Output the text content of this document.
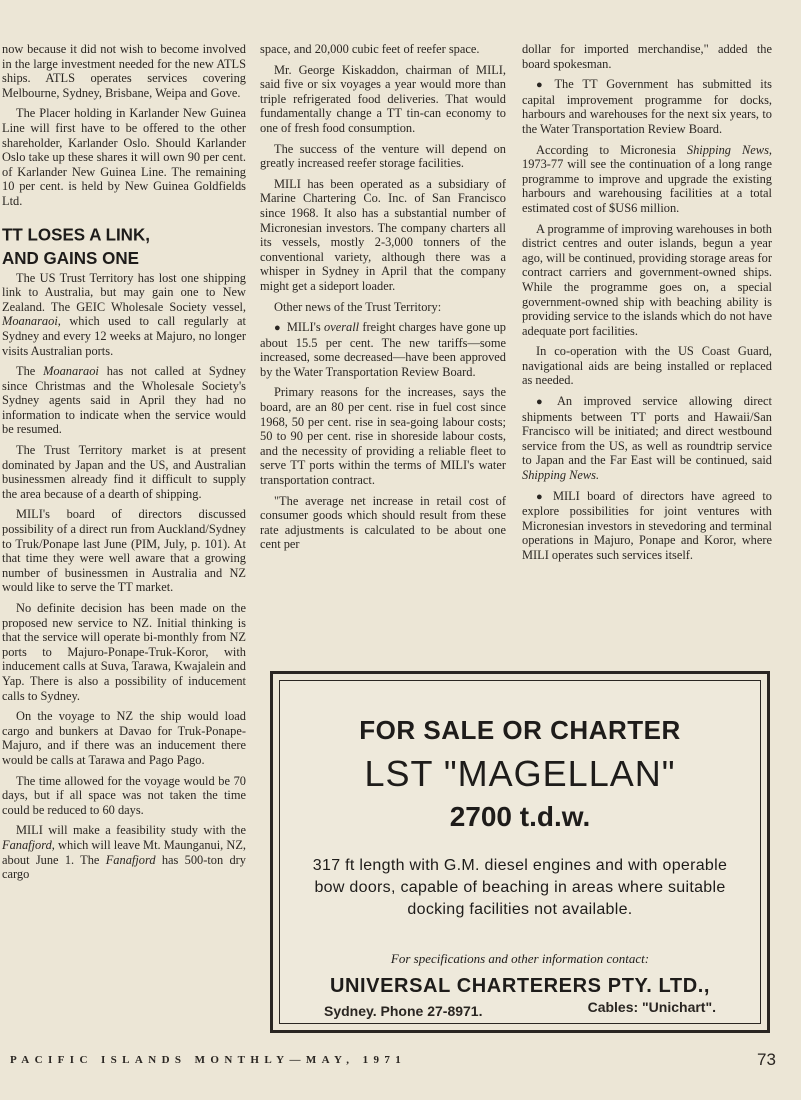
now because it did not wish to become involved in the large investment needed for the new ATLS ships. ATLS operates services covering Melbourne, Sydney, Brisbane, Weipa and Gove.

The Placer holding in Karlander New Guinea Line will first have to be offered to the other shareholder, Karlander Oslo. Should Karlander Oslo take up these shares it will own 90 per cent. of Karlander New Guinea Line. The remaining 10 per cent. is held by New Guinea Goldfields Ltd.

TT LOSES A LINK,
AND GAINS ONE

The US Trust Territory has lost one shipping link to Australia, but may gain one to New Zealand. The GEIC Wholesale Society vessel, Moanaraoi, which used to call regularly at Sydney and every 12 weeks at Majuro, no longer visits Australian ports.

The Moanaraoi has not called at Sydney since Christmas and the Wholesale Society's Sydney agents said in April they had no information to indicate when the service would be resumed.

The Trust Territory market is at present dominated by Japan and the US, and Australian businessmen already find it difficult to supply the area because of a dearth of shipping.

MILI's board of directors discussed possibility of a direct run from Auckland/Sydney to Truk/Ponape last June (PIM, July, p. 101). At that time they were well aware that a growing number of businessmen in Australia and NZ would like to serve the TT market.

No definite decision has been made on the proposed new service to NZ. Initial thinking is that the service will operate bi-monthly from NZ ports to Majuro-Ponape-Truk-Koror, with inducement calls at Suva, Tarawa, Kwajalein and Yap. There is also a possibility of inducement calls to Sydney.

On the voyage to NZ the ship would load cargo and bunkers at Davao for Truk-Ponape-Majuro, and if there was an inducement there would be calls at Tarawa and Pago Pago.

The time allowed for the voyage would be 70 days, but if all space was not taken the time could be reduced to 60 days.

MILI will make a feasibility study with the Fanafjord, which will leave Mt. Maunganui, NZ, about June 1. The Fanafjord has 500-ton dry cargo

space, and 20,000 cubic feet of reefer space.

Mr. George Kiskaddon, chairman of MILI, said five or six voyages a year would more than triple refrigerated food deliveries. That would fundamentally change a TT tin-can economy to one of fresh food consumption.

The success of the venture will depend on greatly increased reefer storage facilities.

MILI has been operated as a subsidiary of Marine Chartering Co. Inc. of San Francisco since 1968. It also has a substantial number of Micronesian investors. The company charters all its vessels, mostly 2-3,000 tonners of the conventional variety, although there was a whisper in Sydney in April that the company might get a sideport loader.

Other news of the Trust Territory:

● MILI's overall freight charges have gone up about 15.5 per cent. The new tariffs—some increased, some decreased—have been approved by the Water Transportation Review Board.

Primary reasons for the increases, says the board, are an 80 per cent. rise in fuel cost since 1968, 50 per cent. rise in sea-going labour costs; 50 to 90 per cent. rise in shoreside labour costs, and the necessity of providing a reliable fleet to serve TT ports within the terms of MILI's water transportation contract.

"The average net increase in retail cost of consumer goods which should result from these rate adjustments is calculated to be about one cent per

dollar for imported merchandise," added the board spokesman.

● The TT Government has submitted its capital improvement programme for docks, harbours and warehouses for the next six years, to the Water Transportation Review Board.

According to Micronesia Shipping News, 1973-77 will see the continuation of a long range programme to improve and upgrade the existing harbours and warehousing facilities at a total estimated cost of $US6 million.

A programme of improving warehouses in both district centres and outer islands, begun a year ago, will be continued, providing storage areas for contract carriers and government-owned ships. While the programme goes on, a special government-owned ship with beaching ability is providing service to the islands which do not have adequate port facilities.

In co-operation with the US Coast Guard, navigational aids are being installed or replaced as needed.

● An improved service allowing direct shipments between TT ports and Hawaii/San Francisco will be initiated; and direct westbound service from the US, as well as roundtrip service to Japan and the Far East will be continued, said Shipping News.

● MILI board of directors have agreed to explore possibilities for joint ventures with Micronesian investors in stevedoring and terminal operations in Majuro, Ponape and Koror, where MILI operates such services itself.

FOR SALE OR CHARTER
LST "MAGELLAN"
2700 t.d.w.
317 ft length with G.M. diesel engines and with operable bow doors, capable of beaching in areas where suitable docking facilities not available.
For specifications and other information contact:
UNIVERSAL CHARTERERS PTY. LTD.,
Sydney. Phone 27-8971.	Cables: "Unichart".
PACIFIC ISLANDS MONTHLY—MAY, 1971	73
